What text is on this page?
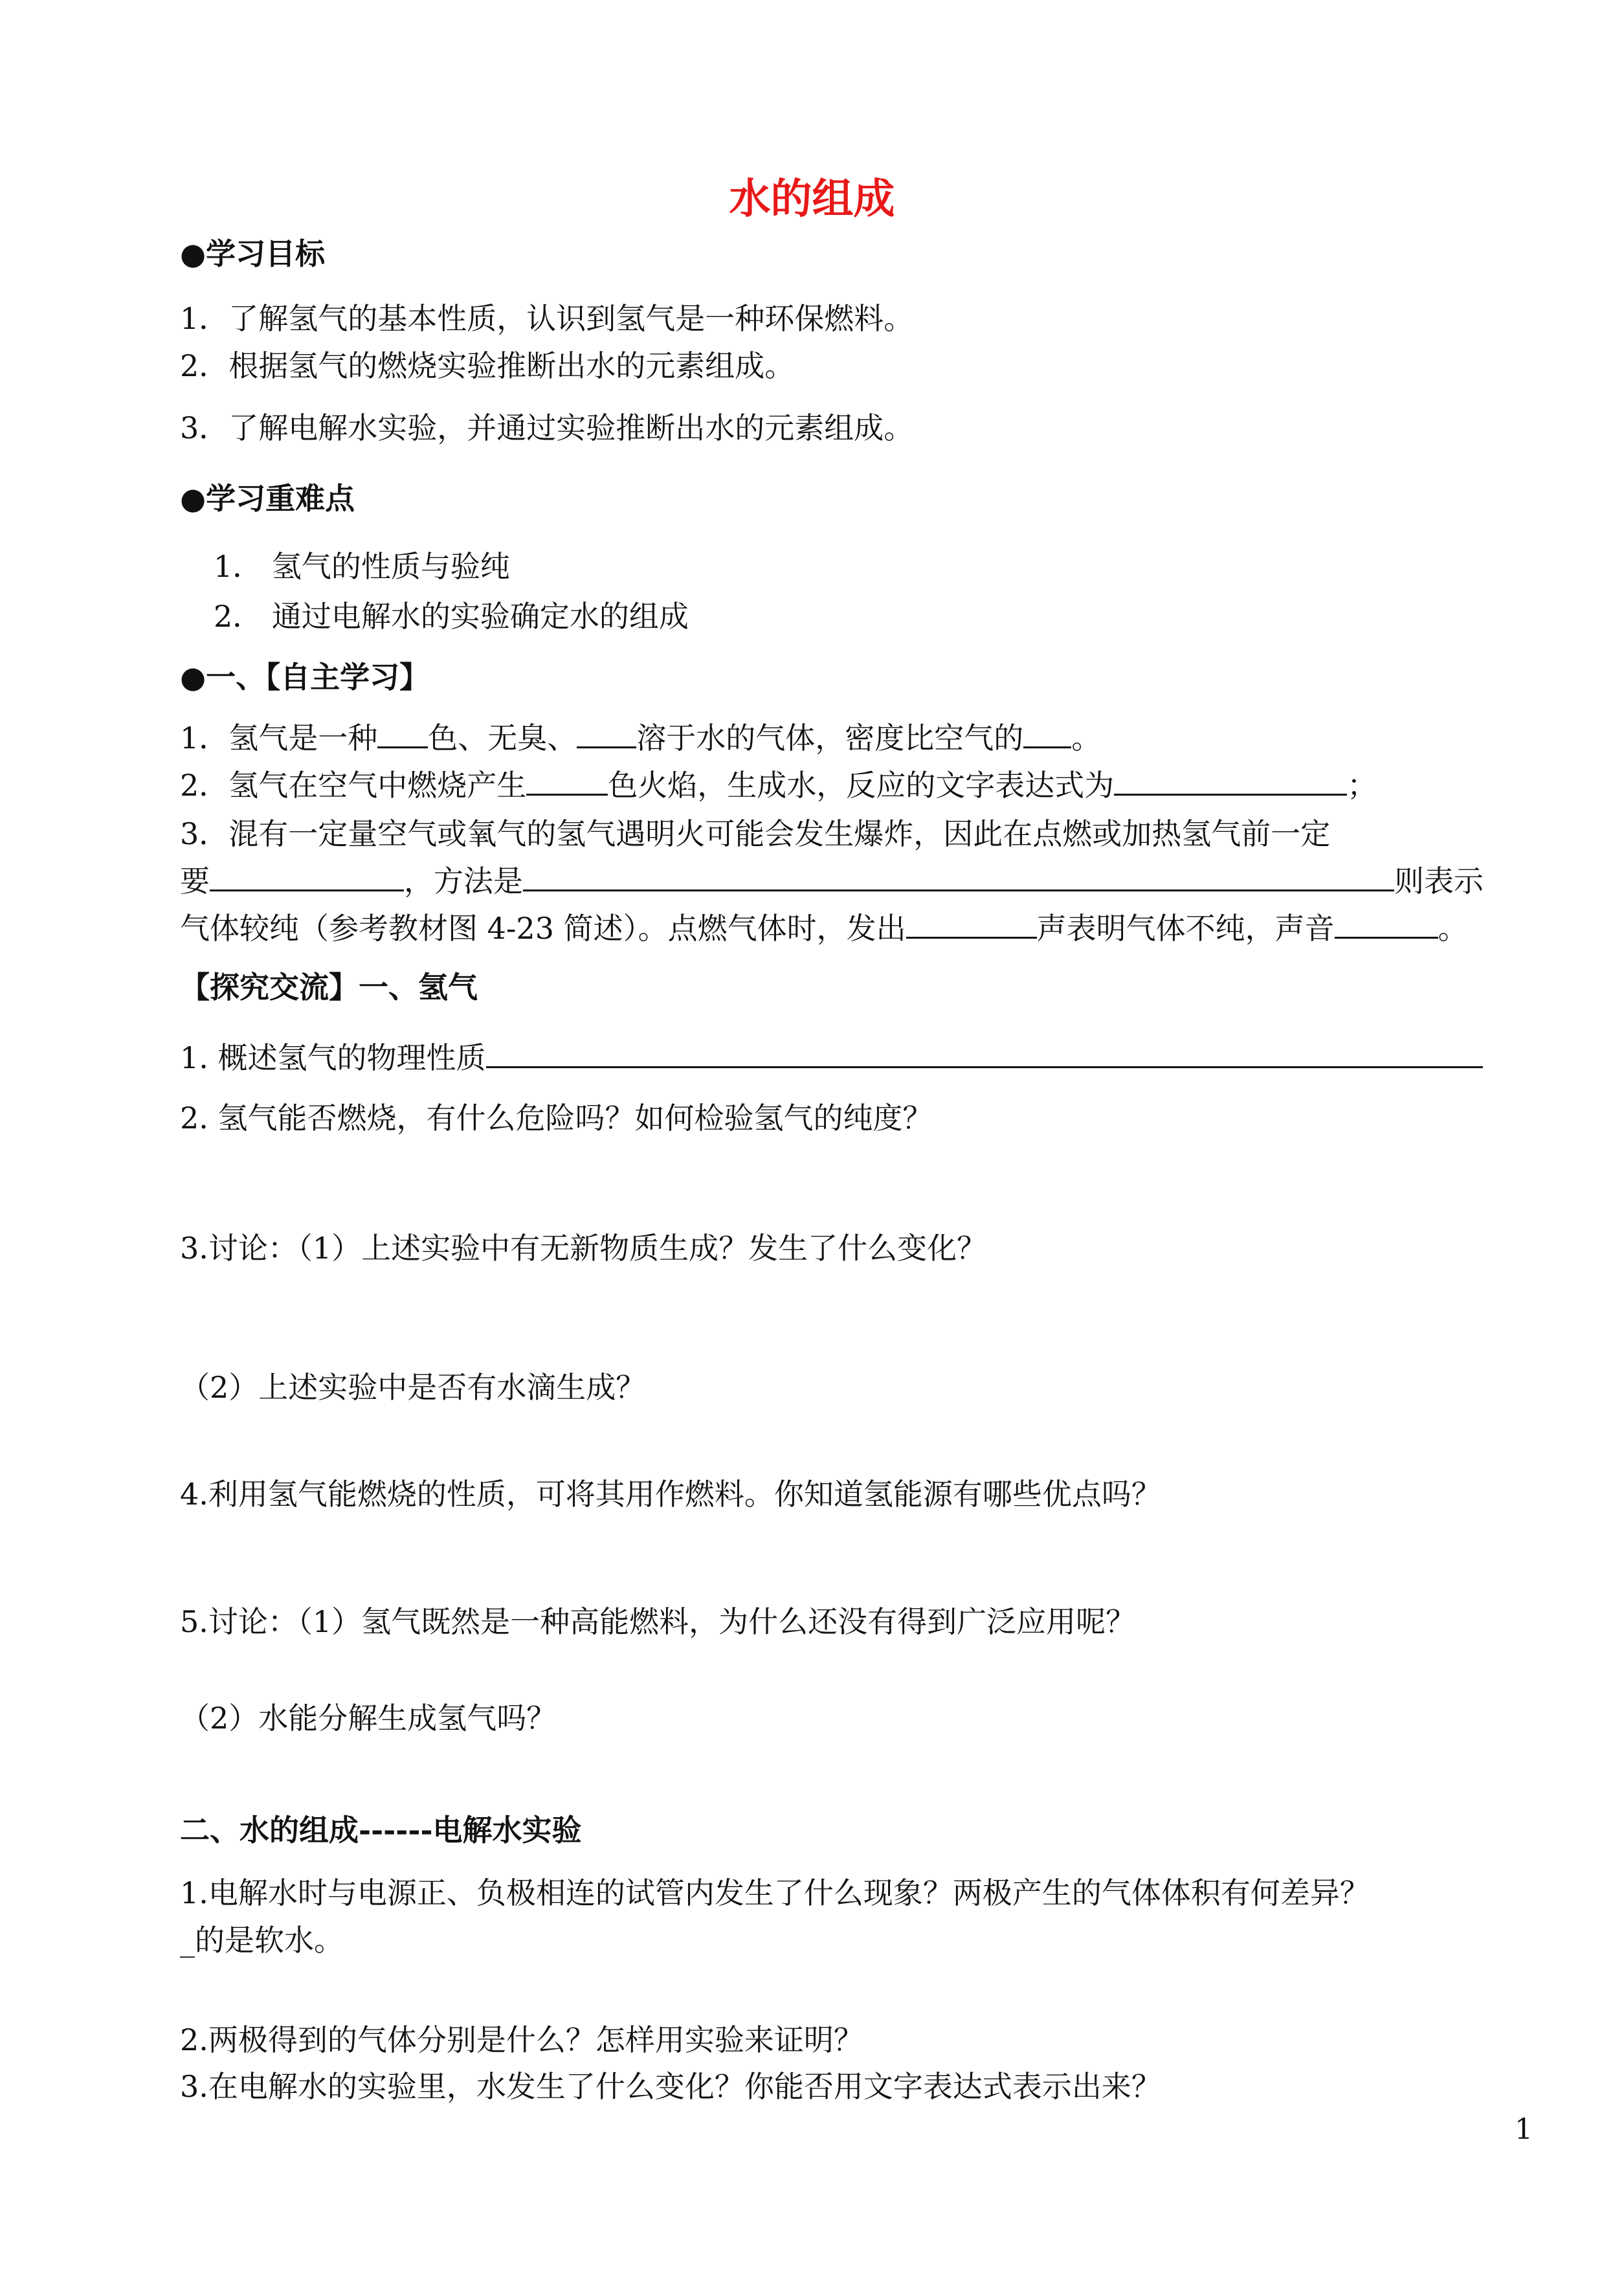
水的组成
●学习目标
1．了解氢气的基本性质，认识到氢气是一种环保燃料。
2．根据氢气的燃烧实验推断出水的元素组成。
3．了解电解水实验，并通过实验推断出水的元素组成。
●学习重难点
1． 氢气的性质与验纯
2． 通过电解水的实验确定水的组成
●一、【自主学习】
1．氢气是一种 色、无臭、 溶于水的气体，密度比空气的 。
2．氢气在空气中燃烧产生	色火焰，生成水，反应的文字表达式为	；
3．混有一定量空气或氧气的氢气遇明火可能会发生爆炸，因此在点燃或加热氢气前一定
要	，方法是	则表示
气体较纯（参考教材图 4-23 简述）。点燃气体时，发出	声表明气体不纯，声音	。
【探究交流】一、氢气
1. 概述氢气的物理性质
2. 氢气能否燃烧，有什么危险吗？如何检验氢气的纯度？
3.讨论：（1）上述实验中有无新物质生成？发生了什么变化？
（2）上述实验中是否有水滴生成？
4.利用氢气能燃烧的性质，可将其用作燃料。你知道氢能源有哪些优点吗？
5.讨论：（1）氢气既然是一种高能燃料，为什么还没有得到广泛应用呢？
（2）水能分解生成氢气吗？
二、水的组成------电解水实验
1.电解水时与电源正、负极相连的试管内发生了什么现象？两极产生的气体体积有何差异？
_的是软水。
2.两极得到的气体分别是什么？怎样用实验来证明？
3.在电解水的实验里，水发生了什么变化？你能否用文字表达式表示出来？
1
